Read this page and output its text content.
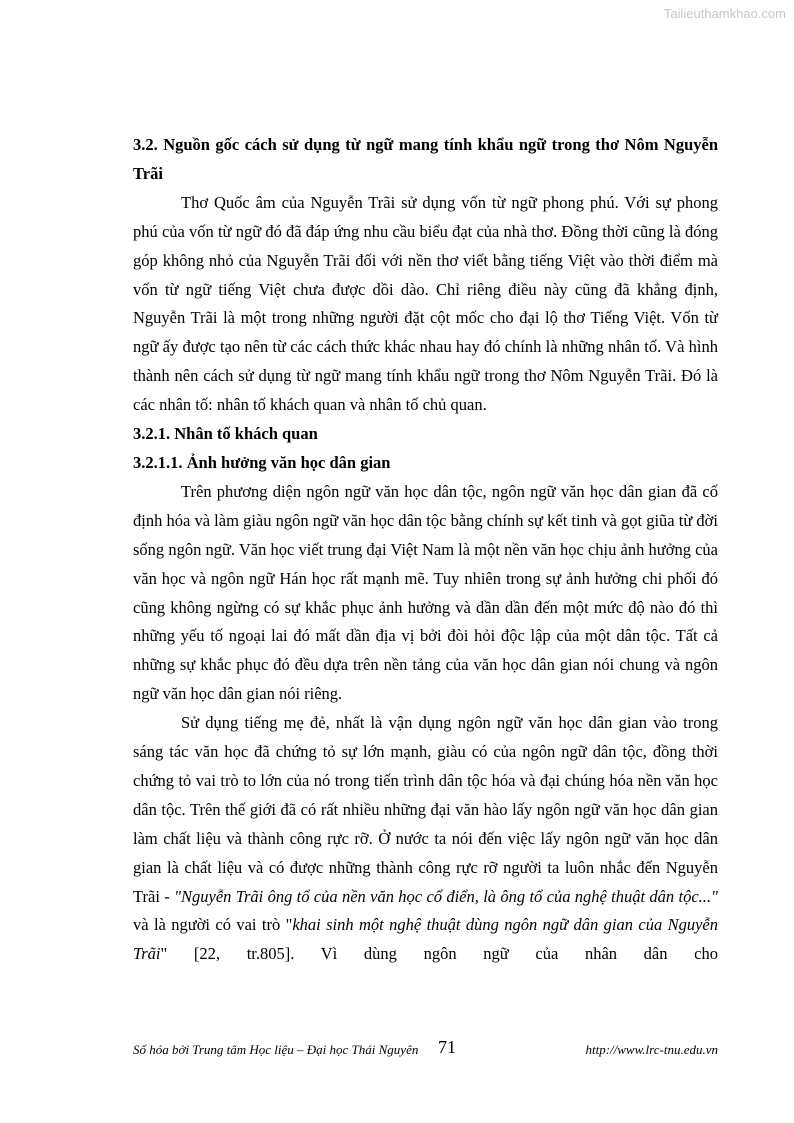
Tailieuthamkhao.com

3.2. Nguồn gốc cách sử dụng từ ngữ mang tính khẩu ngữ trong thơ Nôm Nguyễn Trãi

Thơ Quốc âm của Nguyễn Trãi sử dụng vốn từ ngữ phong phú. Với sự phong phú của vốn từ ngữ đó đã đáp ứng nhu cầu biểu đạt của nhà thơ. Đồng thời cũng là đóng góp không nhỏ của Nguyễn Trãi đối với nền thơ viết bằng tiếng Việt vào thời điểm mà vốn từ ngữ tiếng Việt chưa được dồi dào. Chỉ riêng điều này cũng đã khẳng định, Nguyễn Trãi là một trong những người đặt cột mốc cho đại lộ thơ Tiếng Việt. Vốn từ ngữ ấy được tạo nên từ các cách thức khác nhau hay đó chính là những nhân tố. Và hình thành nên cách sử dụng từ ngữ mang tính khẩu ngữ trong thơ Nôm Nguyễn Trãi. Đó là các nhân tố: nhân tố khách quan và nhân tố chủ quan.

3.2.1. Nhân tố khách quan

3.2.1.1. Ảnh hưởng văn học dân gian

Trên phương diện ngôn ngữ văn học dân tộc, ngôn ngữ văn học dân gian đã cố định hóa và làm giàu ngôn ngữ văn học dân tộc bằng chính sự kết tinh và gọt giũa từ đời sống ngôn ngữ. Văn học viết trung đại Việt Nam là một nền văn học chịu ảnh hưởng của văn học và ngôn ngữ Hán học rất mạnh mẽ. Tuy nhiên trong sự ảnh hưởng chi phối đó cũng không ngừng có sự khắc phục ảnh hưởng và dần dần đến một mức độ nào đó thì những yếu tố ngoại lai đó mất dần địa vị bởi đòi hỏi độc lập của một dân tộc. Tất cả những sự khắc phục đó đều dựa trên nền tảng của văn học dân gian nói chung và ngôn ngữ văn học dân gian nói riêng.

Sử dụng tiếng mẹ đẻ, nhất là vận dụng ngôn ngữ văn học dân gian vào trong sáng tác văn học đã chứng tỏ sự lớn mạnh, giàu có của ngôn ngữ dân tộc, đồng thời chứng tỏ vai trò to lớn của nó trong tiến trình dân tộc hóa và đại chúng hóa nền văn học dân tộc. Trên thế giới đã có rất nhiều những đại văn hào lấy ngôn ngữ văn học dân gian làm chất liệu và thành công rực rỡ. Ở nước ta nói đến việc lấy ngôn ngữ văn học dân gian là chất liệu và có được những thành công rực rỡ người ta luôn nhắc đến Nguyễn Trãi - "Nguyễn Trãi ông tổ của nền văn học cổ điển, là ông tổ của nghệ thuật dân tộc..." và là người có vai trò "khai sinh một nghệ thuật dùng ngôn ngữ dân gian của Nguyễn Trãi" [22, tr.805]. Vì dùng ngôn ngữ của nhân dân cho

Số hóa bởi Trung tâm Học liệu – Đại học Thái Nguyên 71	http://www.lrc-tnu.edu.vn
